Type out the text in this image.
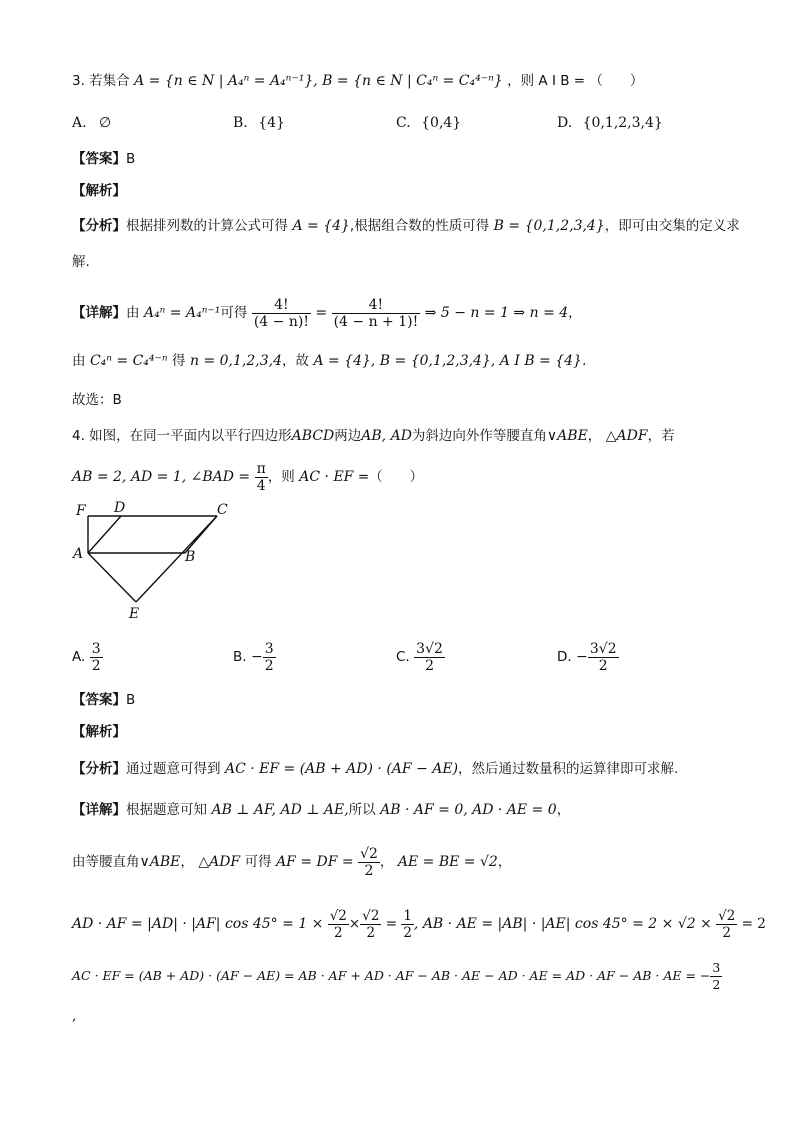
3. 若集合 A = {n ∈ N | A₄ⁿ = A₄ⁿ⁻¹}, B = {n ∈ N | C₄ⁿ = C₄⁴⁻ⁿ} ，则 A I B = （　　）
A. ∅	B. {4}	C. {0,4}	D. {0,1,2,3,4}
【答案】B
【解析】
【分析】根据排列数的计算公式可得 A = {4},根据组合数的性质可得 B = {0,1,2,3,4}，即可由交集的定义求
解.
【详解】由 A₄ⁿ = A₄ⁿ⁻¹可得 $\frac{4!}{(4 - n)!} = \frac{4!}{(4 - n + 1)!}$ ⇒ 5 − n = 1 ⇒ n = 4，
由 C₄ⁿ = C₄⁴⁻ⁿ 得 n = 0,1,2,3,4，故 A = {4}, B = {0,1,2,3,4}, A I B = {4}.
故选：B
4. 如图，在同一平面内以平行四边形ABCD两边AB, AD为斜边向外作等腰直角∨ABE， △ADF，若
AB = 2, AD = 1, ∠BAD = $\frac{\pi}{4}$ ，则 AC · EF =（　　）
F D	C
A	B
E
A. $\frac{3}{2}$	B. − $\frac{3}{2}$	C. $\frac{3√2}{2}$	D. − $\frac{3√2}{2}$
【答案】B
【解析】
【分析】通过题意可得到 AC · EF = (AB + AD) · (AF − AE)，然后通过数量积的运算律即可求解.
【详解】根据题意可知 AB ⊥ AF, AD ⊥ AE,所以 AB · AF = 0, AD · AE = 0，
由等腰直角∨ABE， △ADF 可得 AF = DF = $\frac{√2}{2}$ ， AE = BE = √2，
AD · AF = |AD| · |AF| $\cos 45^\circ = 1 \times \frac{√2}{2} \times \frac{√2}{2} = \frac{1}{2}$ , AB · AE = |AB| · |AE| $\cos 45^\circ = 2 \times √2 \times \frac{√2}{2} = 2$
AC · EF = (AB + AD) · (AF − AE) = AB · AF + AD · AF − AB · AE − AD · AE = AD · AF − AB · AE = − $\frac{3}{2}$
,
